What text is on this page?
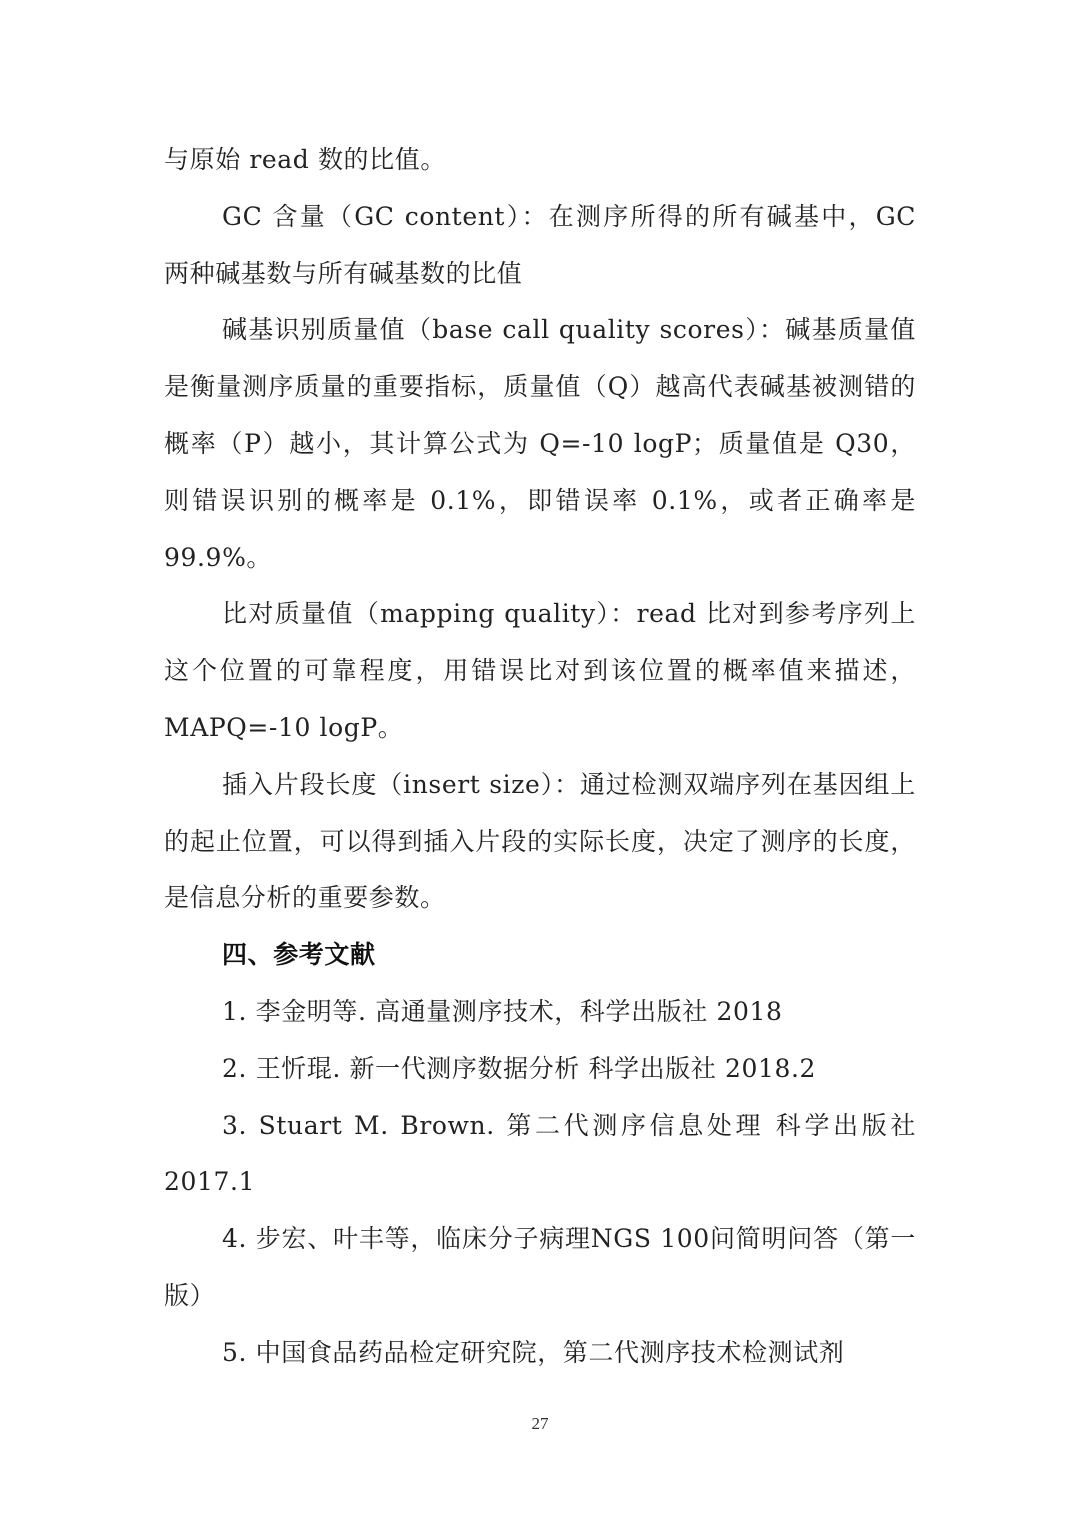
与原始 read 数的比值。

GC 含量（GC content）：在测序所得的所有碱基中，GC 两种碱基数与所有碱基数的比值

碱基识别质量值（base call quality scores）：碱基质量值是衡量测序质量的重要指标，质量值（Q）越高代表碱基被测错的概率（P）越小，其计算公式为 Q=-10 logP；质量值是 Q30，则错误识别的概率是 0.1%，即错误率 0.1%，或者正确率是 99.9%。

比对质量值（mapping quality）：read 比对到参考序列上这个位置的可靠程度，用错误比对到该位置的概率值来描述，MAPQ=-10 logP。

插入片段长度（insert size）：通过检测双端序列在基因组上的起止位置，可以得到插入片段的实际长度，决定了测序的长度，是信息分析的重要参数。

四、参考文献

1. 李金明等. 高通量测序技术，科学出版社 2018

2. 王忻琨. 新一代测序数据分析 科学出版社 2018.2

3. Stuart M. Brown. 第二代测序信息处理 科学出版社 2017.1

4. 步宏、叶丰等，临床分子病理NGS 100问简明问答（第一版）

5. 中国食品药品检定研究院，第二代测序技术检测试剂

27
